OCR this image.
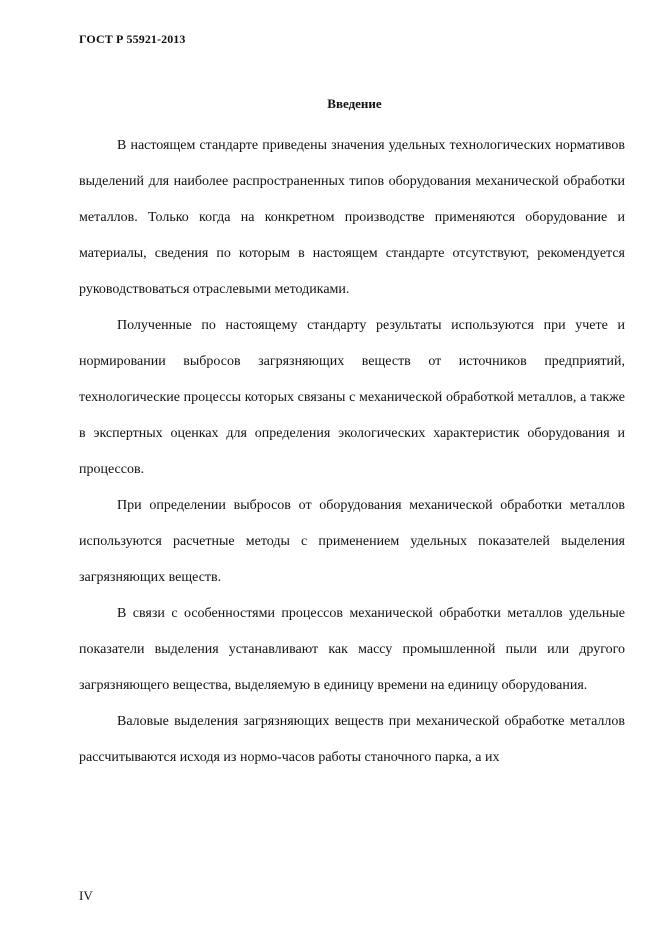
ГОСТ Р 55921-2013
Введение

В настоящем стандарте приведены значения удельных технологических нормативов выделений для наиболее распространенных типов оборудования механической обработки металлов. Только когда на конкретном производстве применяются оборудование и материалы, сведения по которым в настоящем стандарте отсутствуют, рекомендуется руководствоваться отраслевыми методиками.

Полученные по настоящему стандарту результаты используются при учете и нормировании выбросов загрязняющих веществ от источников предприятий, технологические процессы которых связаны с механической обработкой металлов, а также в экспертных оценках для определения экологических характеристик оборудования и процессов.

При определении выбросов от оборудования механической обработки металлов используются расчетные методы с применением удельных показателей выделения загрязняющих веществ.

В связи с особенностями процессов механической обработки металлов удельные показатели выделения устанавливают как массу промышленной пыли или другого загрязняющего вещества, выделяемую в единицу времени на единицу оборудования.

Валовые выделения загрязняющих веществ при механической обработке металлов рассчитываются исходя из нормо-часов работы станочного парка, а их

IV
